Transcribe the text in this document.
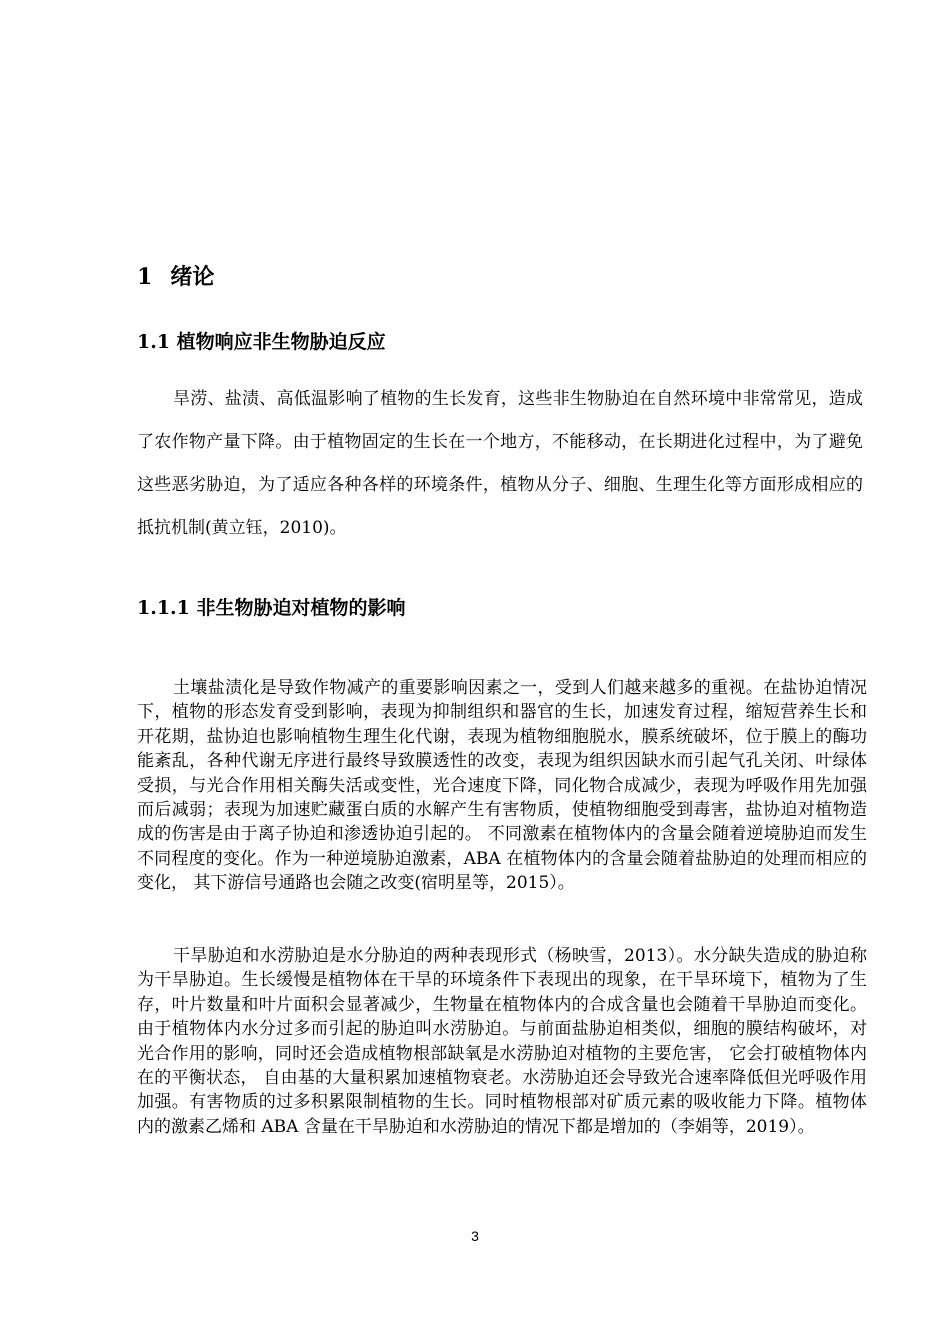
1 绪论
1.1 植物响应非生物胁迫反应

旱涝、盐渍、高低温影响了植物的生长发育，这些非生物胁迫在自然环境中非常常见，造成了农作物产量下降。由于植物固定的生长在一个地方，不能移动，在长期进化过程中，为了避免这些恶劣胁迫，为了适应各种各样的环境条件，植物从分子、细胞、生理生化等方面形成相应的抵抗机制(黄立钰，2010)。

1.1.1 非生物胁迫对植物的影响

土壤盐渍化是导致作物减产的重要影响因素之一，受到人们越来越多的重视。在盐协迫情况下，植物的形态发育受到影响，表现为抑制组织和器官的生长，加速发育过程，缩短营养生长和开花期，盐协迫也影响植物生理生化代谢，表现为植物细胞脱水，膜系统破坏，位于膜上的酶功能紊乱，各种代谢无序进行最终导致膜透性的改变，表现为组织因缺水而引起气孔关闭、叶绿体受损，与光合作用相关酶失活或变性，光合速度下降，同化物合成减少，表现为呼吸作用先加强而后减弱；表现为加速贮藏蛋白质的水解产生有害物质，使植物细胞受到毒害，盐协迫对植物造成的伤害是由于离子协迫和渗透协迫引起的。 不同激素在植物体内的含量会随着逆境胁迫而发生不同程度的变化。作为一种逆境胁迫激素，ABA 在植物体内的含量会随着盐胁迫的处理而相应的变化， 其下游信号通路也会随之改变(宿明星等，2015）。

干旱胁迫和水涝胁迫是水分胁迫的两种表现形式（杨映雪，2013）。水分缺失造成的胁迫称为干旱胁迫。生长缓慢是植物体在干旱的环境条件下表现出的现象，在干旱环境下，植物为了生存，叶片数量和叶片面积会显著减少，生物量在植物体内的合成含量也会随着干旱胁迫而变化。由于植物体内水分过多而引起的胁迫叫水涝胁迫。与前面盐胁迫相类似，细胞的膜结构破坏，对光合作用的影响，同时还会造成植物根部缺氧是水涝胁迫对植物的主要危害， 它会打破植物体内在的平衡状态， 自由基的大量积累加速植物衰老。水涝胁迫还会导致光合速率降低但光呼吸作用加强。有害物质的过多积累限制植物的生长。同时植物根部对矿质元素的吸收能力下降。植物体内的激素乙烯和 ABA 含量在干旱胁迫和水涝胁迫的情况下都是增加的（李娟等，2019）。

3
